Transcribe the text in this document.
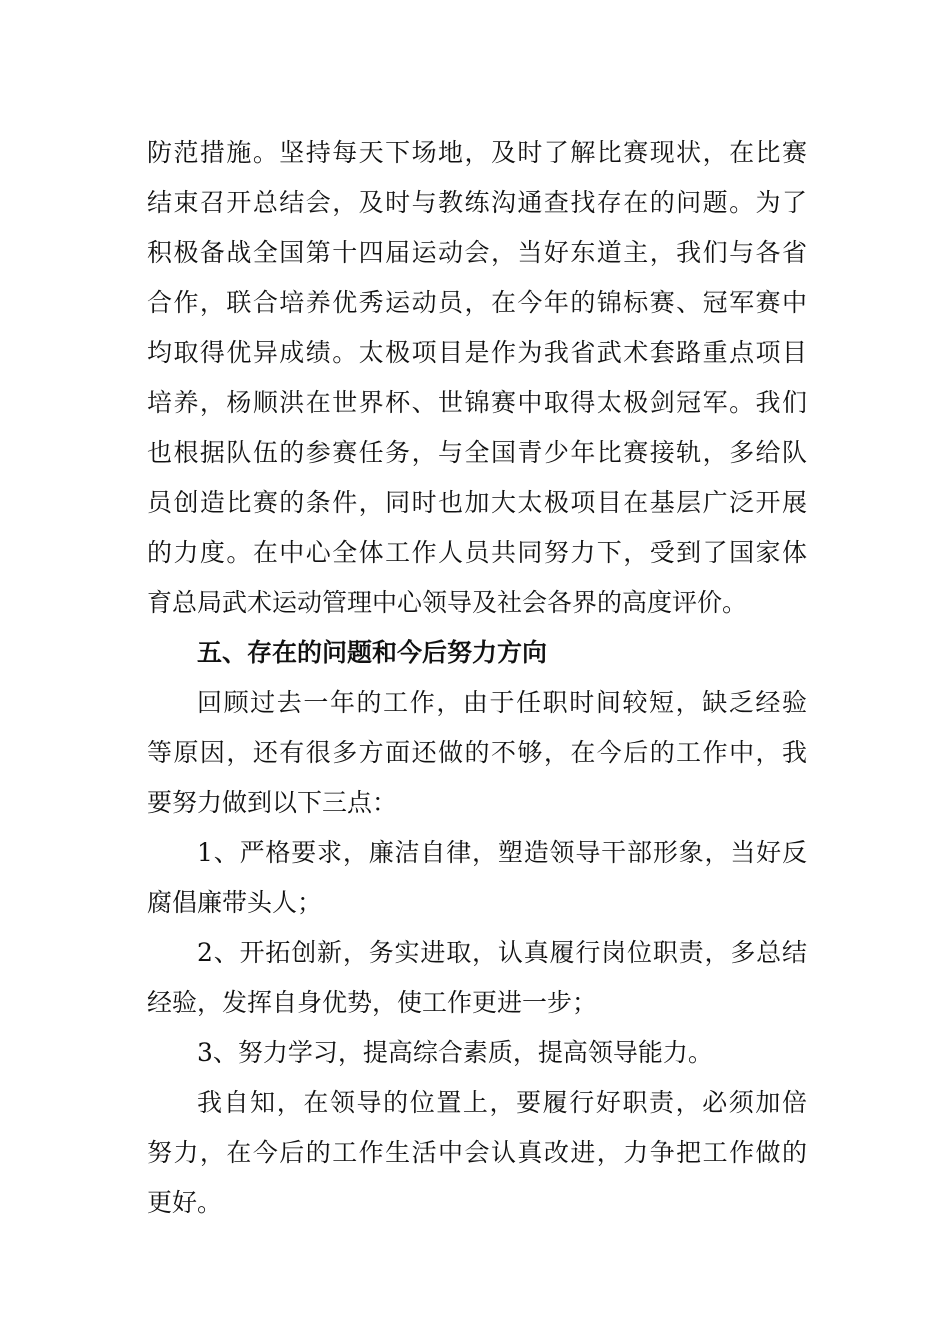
防范措施。坚持每天下场地，及时了解比赛现状，在比赛
结束召开总结会，及时与教练沟通查找存在的问题。为了
积极备战全国第十四届运动会，当好东道主，我们与各省
合作，联合培养优秀运动员，在今年的锦标赛、冠军赛中
均取得优异成绩。太极项目是作为我省武术套路重点项目
培养，杨顺洪在世界杯、世锦赛中取得太极剑冠军。我们
也根据队伍的参赛任务，与全国青少年比赛接轨，多给队
员创造比赛的条件，同时也加大太极项目在基层广泛开展
的力度。在中心全体工作人员共同努力下，受到了国家体
育总局武术运动管理中心领导及社会各界的高度评价。
五、存在的问题和今后努力方向
回顾过去一年的工作，由于任职时间较短，缺乏经验
等原因，还有很多方面还做的不够，在今后的工作中，我
要努力做到以下三点：
1、严格要求，廉洁自律，塑造领导干部形象，当好反
腐倡廉带头人；
2、开拓创新，务实进取，认真履行岗位职责，多总结
经验，发挥自身优势，使工作更进一步；
3、努力学习，提高综合素质，提高领导能力。
我自知，在领导的位置上，要履行好职责，必须加倍
努力，在今后的工作生活中会认真改进，力争把工作做的
更好。
